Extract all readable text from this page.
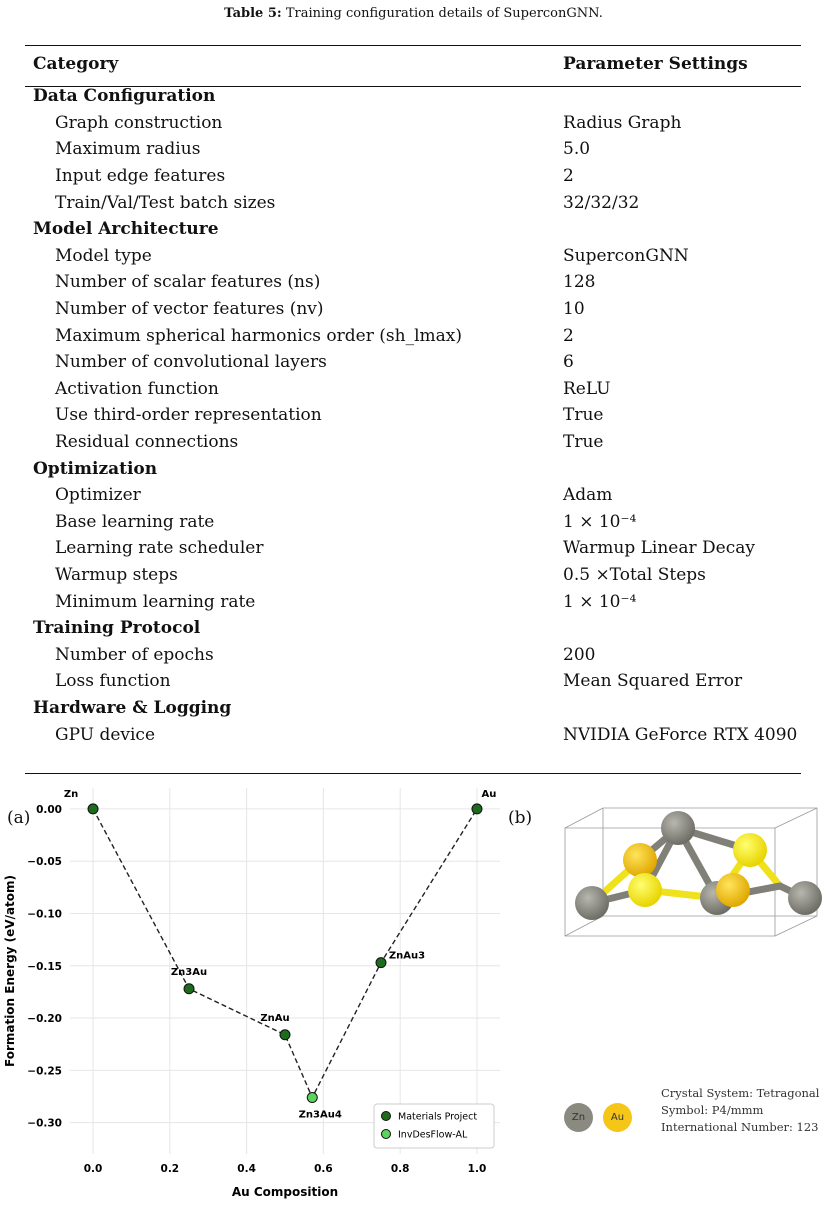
Table 5: Training configuration details of SuperconGNN.
Category	Parameter Settings
Data Configuration	
Graph construction	Radius Graph
Maximum radius	5.0
Input edge features	2
Train/Val/Test batch sizes	32/32/32
Model Architecture	
Model type	SuperconGNN
Number of scalar features (ns)	128
Number of vector features (nv)	10
Maximum spherical harmonics order (sh_lmax)	2
Number of convolutional layers	6
Activation function	ReLU
Use third-order representation	True
Residual connections	True
Optimization	
Optimizer	Adam
Base learning rate	1 × 10⁻⁴
Learning rate scheduler	Warmup Linear Decay
Warmup steps	0.5 ×Total Steps
Minimum learning rate	1 × 10⁻⁴
Training Protocol	
Number of epochs	200
Loss function	Mean Squared Error
Hardware & Logging	
GPU device	NVIDIA GeForce RTX 4090
(a)	(b)
0.0	0.2	0.4	0.6	0.8	1.0
0.00
−0.05
−0.10
−0.15
−0.20
−0.25
−0.30
Au Composition
Formation Energy (eV/atom)
Zn
Zn3Au
ZnAu
ZnAu3
Au
Zn3Au4	Materials Project
InvDesFlow-AL
Crystal System: Tetragonal
Symbol: P4/mmm
International Number: 123
Zn	Au
